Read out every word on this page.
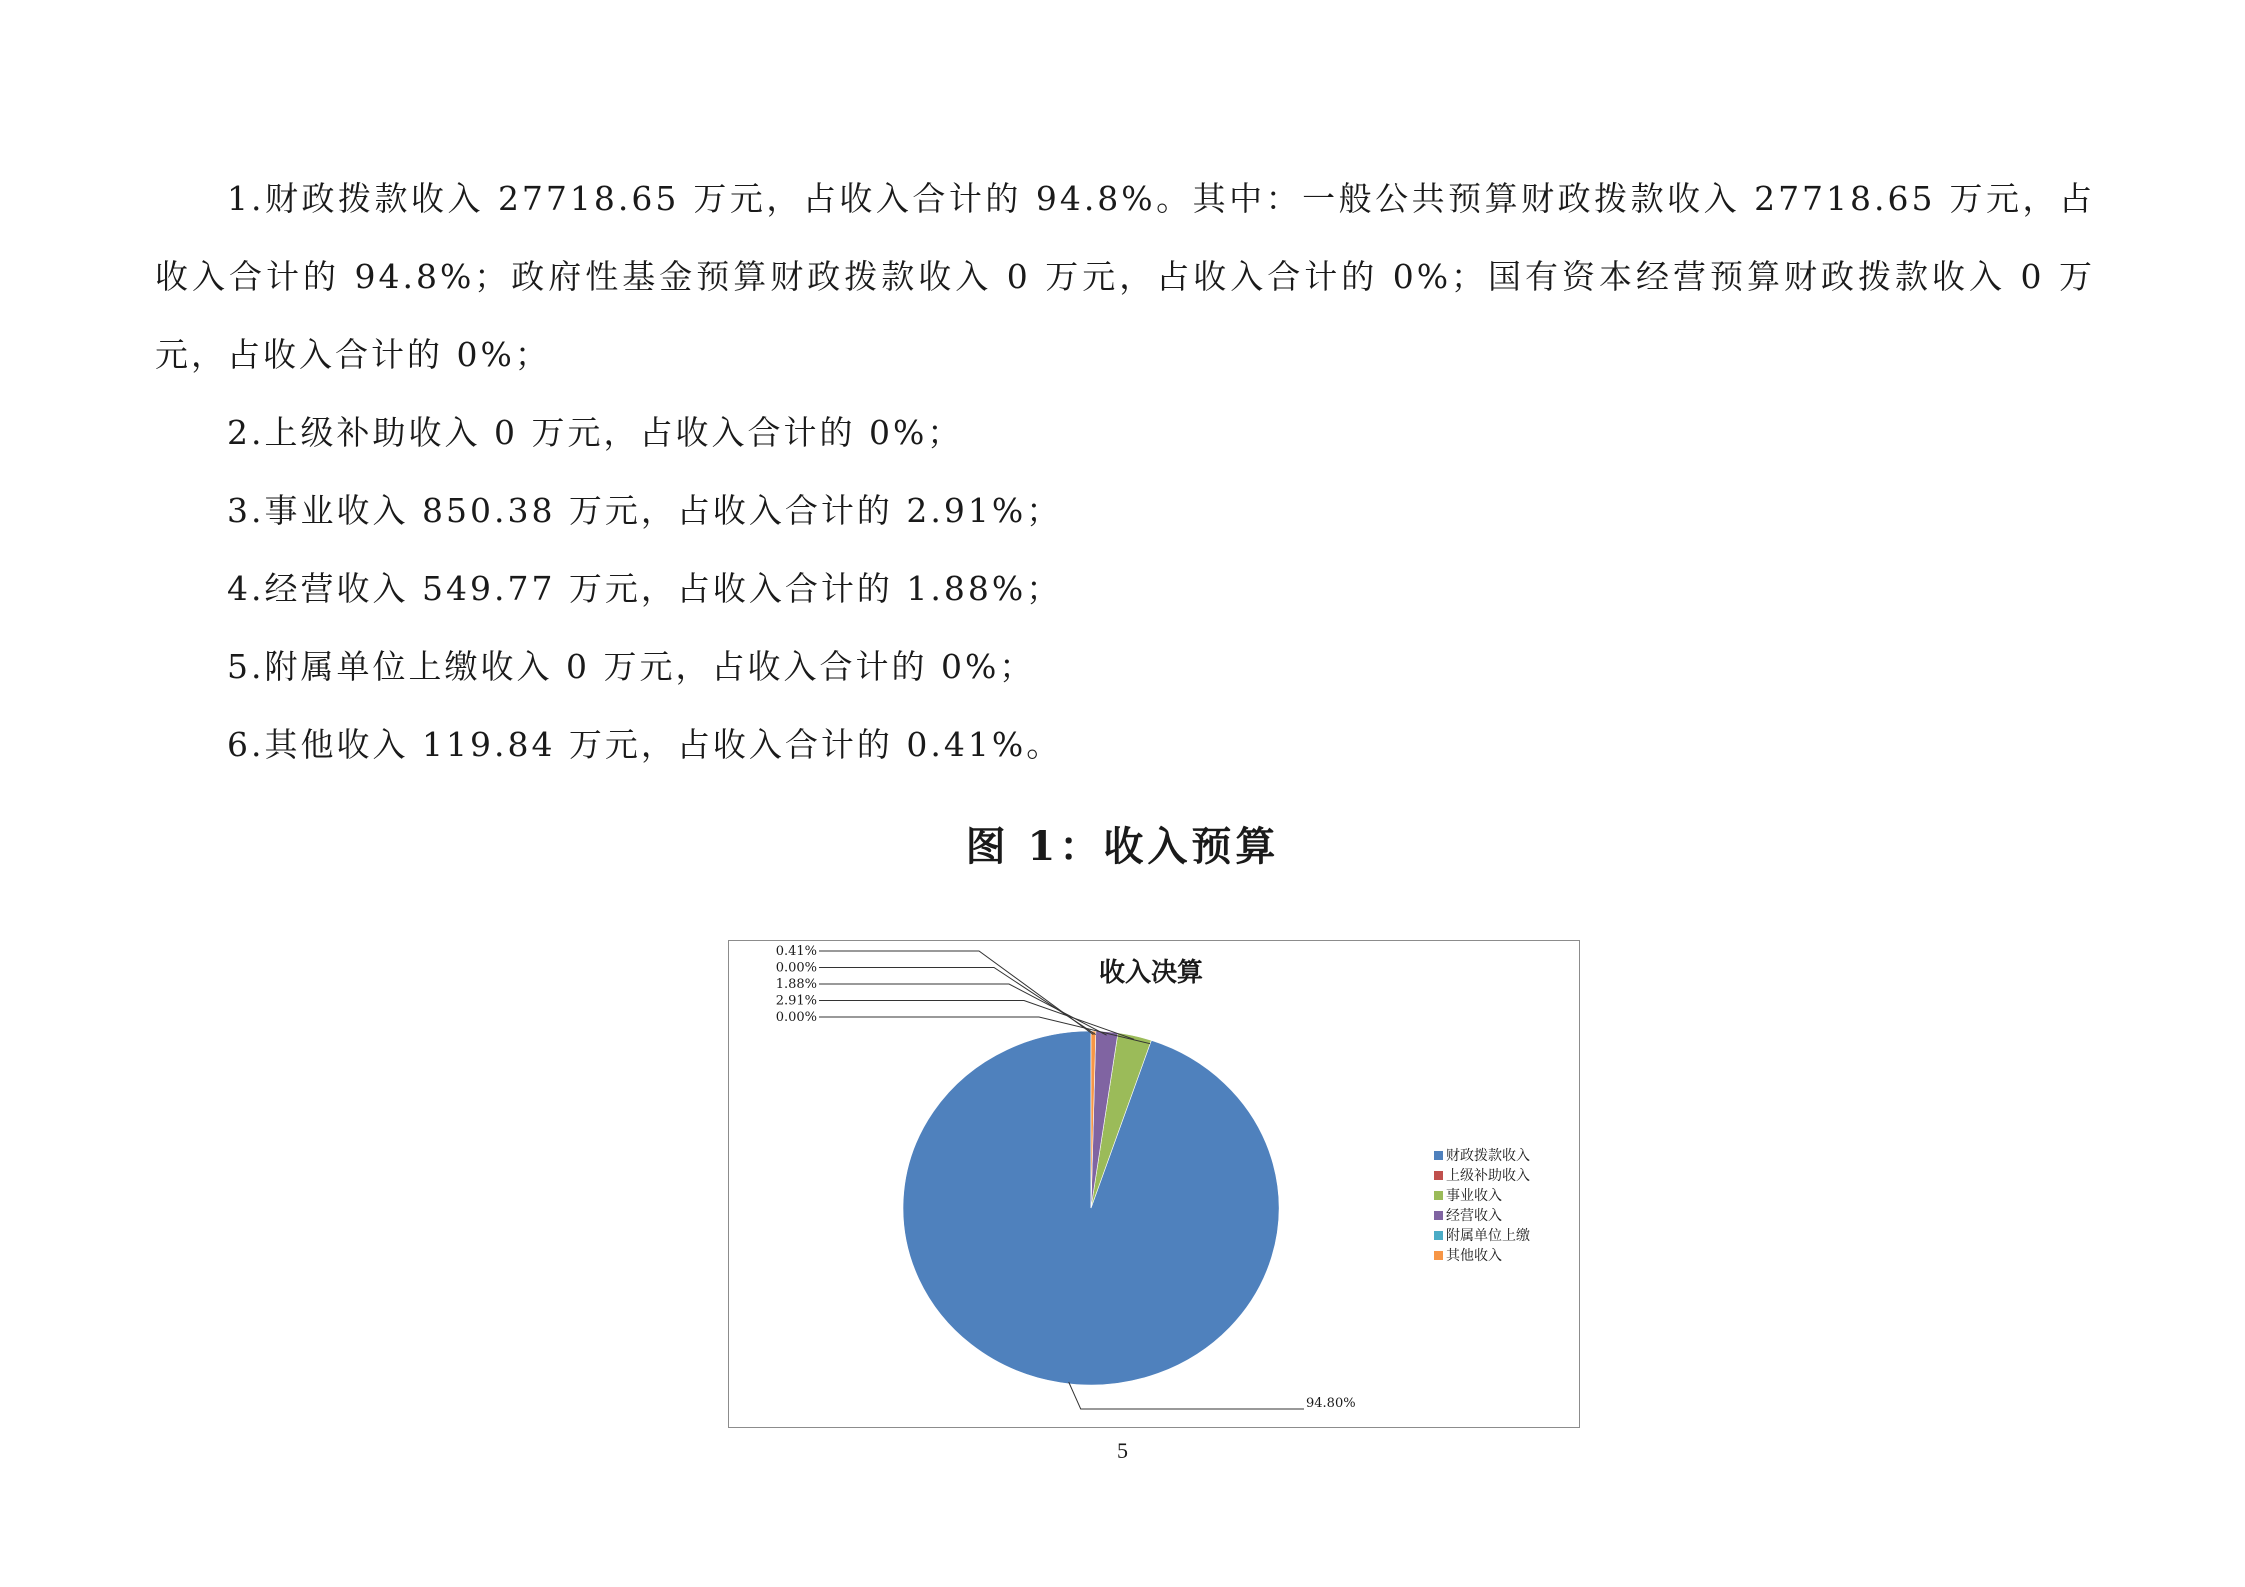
1.财政拨款收入 27718.65 万元，占收入合计的 94.8%。其中：一般公共预算财政拨款收入 27718.65 万元，占收入合计的 94.8%；政府性基金预算财政拨款收入 0 万元，占收入合计的 0%；国有资本经营预算财政拨款收入 0 万元，占收入合计的 0%；

2.上级补助收入 0 万元，占收入合计的 0%；

3.事业收入 850.38 万元，占收入合计的 2.91%；

4.经营收入 549.77 万元，占收入合计的 1.88%；

5.附属单位上缴收入 0 万元，占收入合计的 0%；

6.其他收入 119.84 万元，占收入合计的 0.41%。

图 1：收入预算
收入决算
0.41%
0.00%
1.88%
2.91%
0.00%
94.80%
财政拨款收入
上级补助收入
事业收入
经营收入
附属单位上缴
其他收入
5
